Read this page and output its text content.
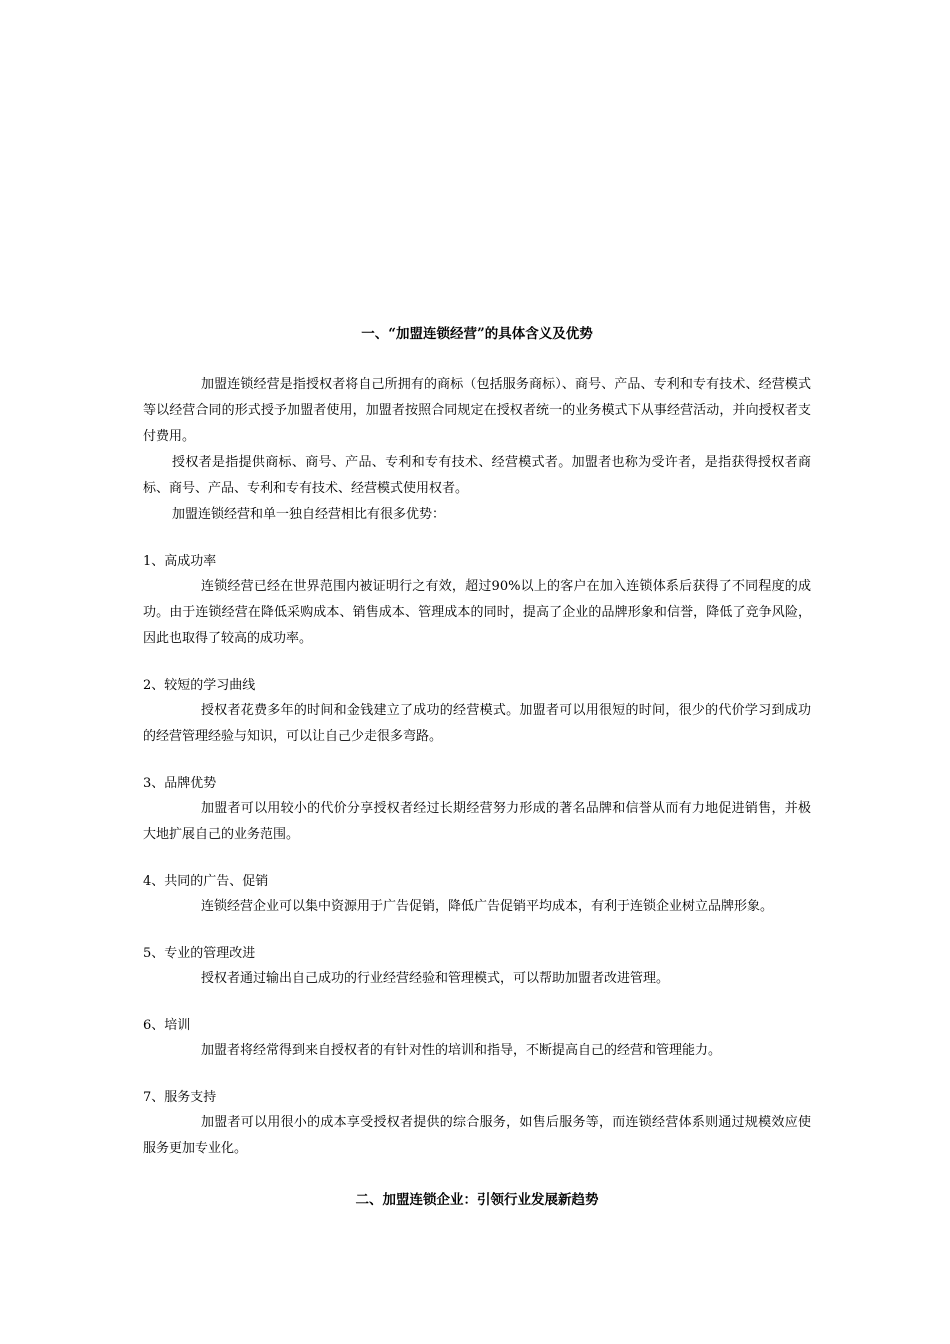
一、“加盟连锁经营”的具体含义及优势

加盟连锁经营是指授权者将自己所拥有的商标（包括服务商标）、商号、产品、专利和专有技术、经营模式等以经营合同的形式授予加盟者使用，加盟者按照合同规定在授权者统一的业务模式下从事经营活动，并向授权者支付费用。

授权者是指提供商标、商号、产品、专利和专有技术、经营模式者。加盟者也称为受许者，是指获得授权者商标、商号、产品、专利和专有技术、经营模式使用权者。

加盟连锁经营和单一独自经营相比有很多优势：

1、高成功率

连锁经营已经在世界范围内被证明行之有效，超过90%以上的客户在加入连锁体系后获得了不同程度的成功。由于连锁经营在降低采购成本、销售成本、管理成本的同时，提高了企业的品牌形象和信誉，降低了竞争风险，因此也取得了较高的成功率。

2、较短的学习曲线

授权者花费多年的时间和金钱建立了成功的经营模式。加盟者可以用很短的时间，很少的代价学习到成功的经营管理经验与知识，可以让自己少走很多弯路。

3、品牌优势

加盟者可以用较小的代价分享授权者经过长期经营努力形成的著名品牌和信誉从而有力地促进销售，并极大地扩展自己的业务范围。

4、共同的广告、促销

连锁经营企业可以集中资源用于广告促销，降低广告促销平均成本，有利于连锁企业树立品牌形象。

5、专业的管理改进

授权者通过输出自己成功的行业经营经验和管理模式，可以帮助加盟者改进管理。

6、培训

加盟者将经常得到来自授权者的有针对性的培训和指导，不断提高自己的经营和管理能力。

7、服务支持

加盟者可以用很小的成本享受授权者提供的综合服务，如售后服务等，而连锁经营体系则通过规模效应使服务更加专业化。

二、加盟连锁企业：引领行业发展新趋势
